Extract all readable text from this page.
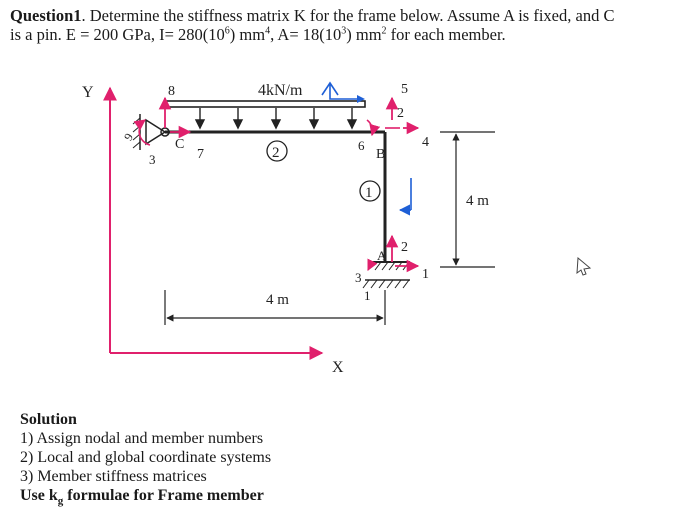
Question1. Determine the stiffness matrix K for the frame below. Assume A is fixed, and C
is a pin. E = 200 GPa, $I= 280(10^6)$ $mm^4$, $A= 18(10^3)$ $mm^2$ for each member.
Y
X
4kN/m
2
1
C
8
9
3	7
5
2
4
6
B
A
2
3	1
1
4 m
4 m
Solution
1) Assign nodal and member numbers
2) Local and global coordinate systems
3) Member stiffness matrices
Use $k_g$ formulae for Frame member
